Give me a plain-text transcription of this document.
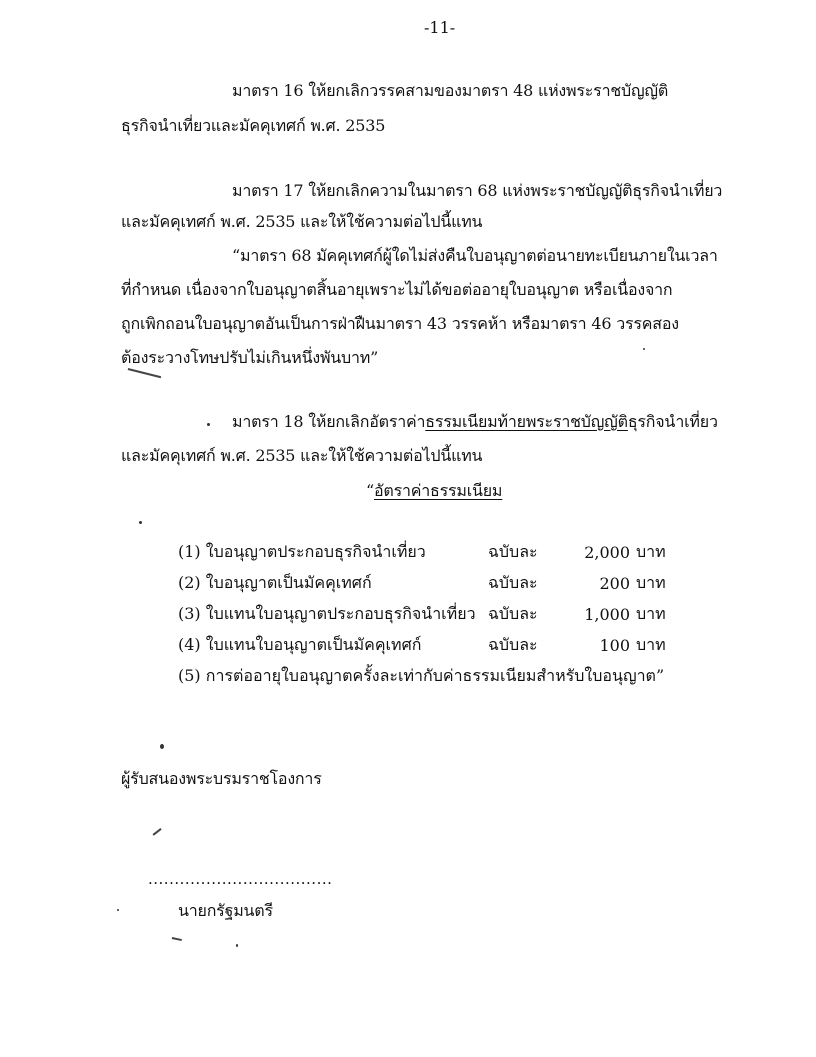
-11-
มาตรา 16 ให้ยกเลิกวรรคสามของมาตรา 48 แห่งพระราชบัญญัติ
ธุรกิจนำเที่ยวและมัคคุเทศก์ พ.ศ. 2535
มาตรา 17 ให้ยกเลิกความในมาตรา 68 แห่งพระราชบัญญัติธุรกิจนำเที่ยว
และมัคคุเทศก์ พ.ศ. 2535 และให้ใช้ความต่อไปนี้แทน
“มาตรา 68 มัคคุเทศก์ผู้ใดไม่ส่งคืนใบอนุญาตต่อนายทะเบียนภายในเวลา
ที่กำหนด เนื่องจากใบอนุญาตสิ้นอายุเพราะไม่ได้ขอต่ออายุใบอนุญาต หรือเนื่องจาก
ถูกเพิกถอนใบอนุญาตอันเป็นการฝ่าฝืนมาตรา 43 วรรคห้า หรือมาตรา 46 วรรคสอง
ต้องระวางโทษปรับไม่เกินหนึ่งพันบาท”
มาตรา 18 ให้ยกเลิกอัตราค่าธรรมเนียมท้ายพระราชบัญญัติธุรกิจนำเที่ยว
และมัคคุเทศก์ พ.ศ. 2535 และให้ใช้ความต่อไปนี้แทน
“อัตราค่าธรรมเนียม
(1) ใบอนุญาตประกอบธุรกิจนำเที่ยว	ฉบับละ	2,000	บาท
(2) ใบอนุญาตเป็นมัคคุเทศก์	ฉบับละ	200	บาท
(3) ใบแทนใบอนุญาตประกอบธุรกิจนำเที่ยว	ฉบับละ	1,000	บาท
(4) ใบแทนใบอนุญาตเป็นมัคคุเทศก์	ฉบับละ	100	บาท
(5) การต่ออายุใบอนุญาตครั้งละเท่ากับค่าธรรมเนียมสำหรับใบอนุญาต”
ผู้รับสนองพระบรมราชโองการ
...................................
นายกรัฐมนตรี
